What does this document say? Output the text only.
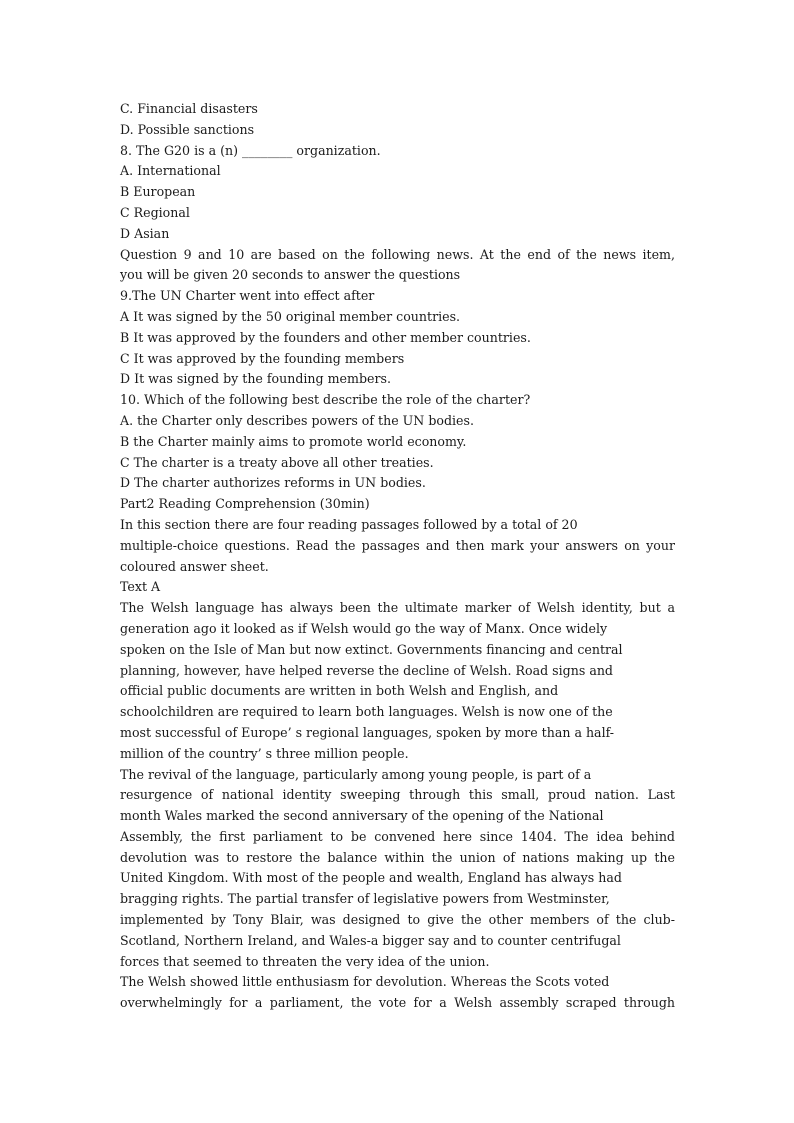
C. Financial disasters
D. Possible sanctions
8. The G20 is a (n) ________ organization.
A. International
B European
C Regional
D Asian
Question 9 and 10 are based on the following news. At the end of the news item,
you will be given 20 seconds to answer the questions
9.The UN Charter went into effect after
A It was signed by the 50 original member countries.
B It was approved by the founders and other member countries.
C It was approved by the founding members
D It was signed by the founding members.
10. Which of the following best describe the role of the charter?
A. the Charter only describes powers of the UN bodies.
B the Charter mainly aims to promote world economy.
C The charter is a treaty above all other treaties.
D The charter authorizes reforms in UN bodies.
Part2 Reading Comprehension (30min)
In this section there are four reading passages followed by a total of 20
multiple-choice questions. Read the passages and then mark your answers on your
coloured answer sheet.
Text A
The Welsh language has always been the ultimate marker of Welsh identity, but a
generation ago it looked as if Welsh would go the way of Manx. Once widely
spoken on the Isle of Man but now extinct. Governments financing and central
planning, however, have helped reverse the decline of Welsh. Road signs and
official public documents are written in both Welsh and English, and
schoolchildren are required to learn both languages. Welsh is now one of the
most successful of Europe’ s regional languages, spoken by more than a half-
million of the country’ s three million people.
The revival of the language, particularly among young people, is part of a
resurgence of national identity sweeping through this small, proud nation. Last
month Wales marked the second anniversary of the opening of the National
Assembly, the first parliament to be convened here since 1404. The idea behind
devolution was to restore the balance within the union of nations making up the
United Kingdom. With most of the people and wealth, England has always had
bragging rights. The partial transfer of legislative powers from Westminster,
implemented by Tony Blair, was designed to give the other members of the club-
Scotland, Northern Ireland, and Wales-a bigger say and to counter centrifugal
forces that seemed to threaten the very idea of the union.
The Welsh showed little enthusiasm for devolution. Whereas the Scots voted
overwhelmingly for a parliament, the vote for a Welsh assembly scraped through
